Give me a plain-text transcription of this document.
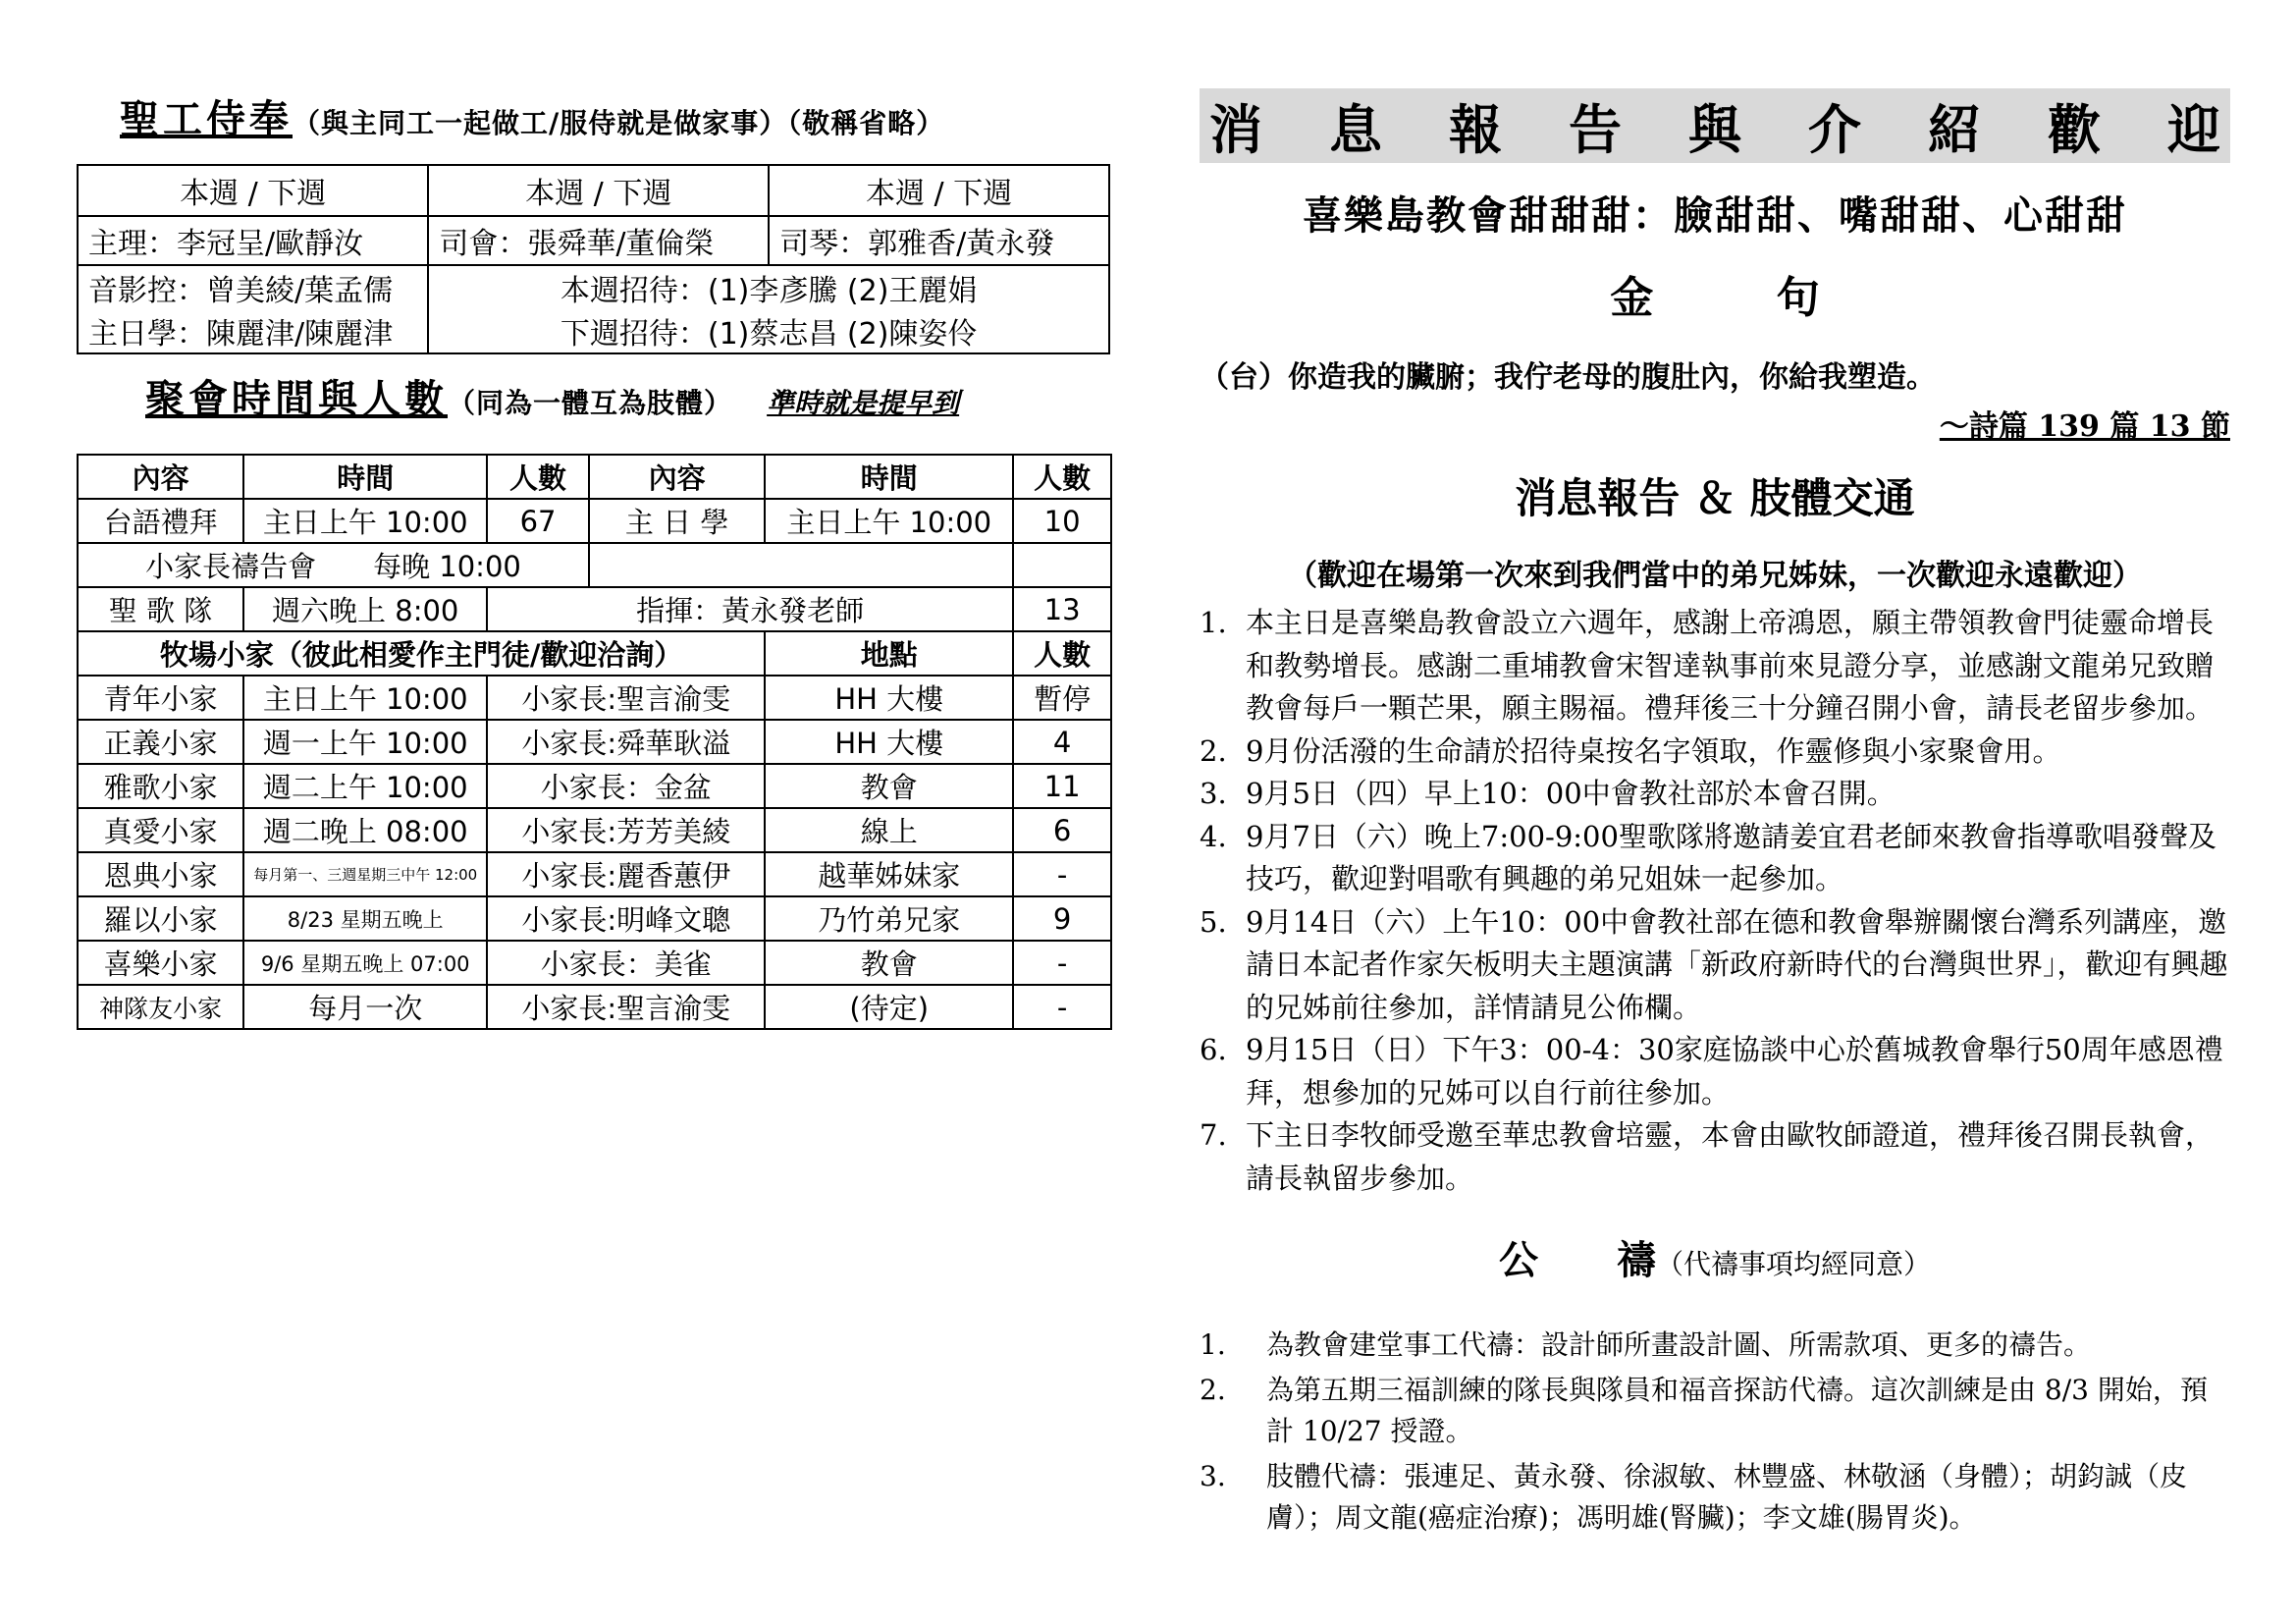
聖工侍奉（與主同工一起做工/服侍就是做家事）（敬稱省略）
本週 / 下週	本週 / 下週	本週 / 下週
主理：李冠呈/歐靜汝	司會：張舜華/董倫榮	司琴：郭雅香/黃永發
音影控：曾美綾/葉孟儒	本週招待：(1)李彥騰 (2)王麗娟	
主日學：陳麗津/陳麗津	下週招待：(1)蔡志昌 (2)陳姿伶	
聚會時間與人數（同為一體互為肢體） 準時就是提早到
內容	時間	人數	內容	時間	人數
台語禮拜	主日上午 10:00	67	主 日 學	主日上午 10:00	10
小家長禱告會　　每晚 10:00					
聖 歌 隊	週六晚上 8:00	指揮：黃永發老師			13
牧場小家（彼此相愛作主門徒/歡迎洽詢）				地點	人數
青年小家	主日上午 10:00	小家長:聖言渝雯		HH 大樓	暫停
正義小家	週一上午 10:00	小家長:舜華耿溢		HH 大樓	4
雅歌小家	週二上午 10:00	小家長：金盆		教會	11
真愛小家	週二晚上 08:00	小家長:芳芳美綾		線上	6
恩典小家	每月第一、三週星期三中午 12:00	小家長:麗香蕙伊		越華姊妹家	-
羅以小家	8/23 星期五晚上	小家長:明峰文聰		乃竹弟兄家	9
喜樂小家	9/6 星期五晚上 07:00	小家長：美雀		教會	-
神隊友小家	每月一次	小家長:聖言渝雯		(待定)	-
消 息 報 告 與 介 紹 歡 迎
喜樂島教會甜甜甜：臉甜甜、嘴甜甜、心甜甜
金 句
（台）你造我的臟腑；我佇老母的腹肚內，你給我塑造。
～詩篇 139 篇 13 節
消息報告 ＆ 肢體交通
（歡迎在場第一次來到我們當中的弟兄姊妹，一次歡迎永遠歡迎）
1. 本主日是喜樂島教會設立六週年，感謝上帝鴻恩，願主帶領教會門徒靈命增長和教勢增長。感謝二重埔教會宋智達執事前來見證分享，並感謝文龍弟兄致贈教會每戶一顆芒果，願主賜福。禮拜後三十分鐘召開小會，請長老留步參加。
2. 9月份活潑的生命請於招待桌按名字領取，作靈修與小家聚會用。
3. 9月5日（四）早上10：00中會教社部於本會召開。
4. 9月7日（六）晚上7:00-9:00聖歌隊將邀請姜宜君老師來教會指導歌唱發聲及技巧，歡迎對唱歌有興趣的弟兄姐妹一起參加。
5. 9月14日（六）上午10：00中會教社部在德和教會舉辦關懷台灣系列講座，邀請日本記者作家矢板明夫主題演講「新政府新時代的台灣與世界」，歡迎有興趣的兄姊前往參加，詳情請見公佈欄。
6. 9月15日（日）下午3：00-4：30家庭協談中心於舊城教會舉行50周年感恩禮拜，想參加的兄姊可以自行前往參加。
7. 下主日李牧師受邀至華忠教會培靈，本會由歐牧師證道，禮拜後召開長執會，請長執留步參加。
公　　禱（代禱事項均經同意）
1. 為教會建堂事工代禱：設計師所畫設計圖、所需款項、更多的禱告。
2. 為第五期三福訓練的隊長與隊員和福音探訪代禱。這次訓練是由 8/3 開始，預計 10/27 授證。
3. 肢體代禱：張連足、黃永發、徐淑敏、林豐盛、林敬涵（身體）；胡鈞誠（皮膚）；周文龍(癌症治療)；馮明雄(腎臟)；李文雄(腸胃炎)。
